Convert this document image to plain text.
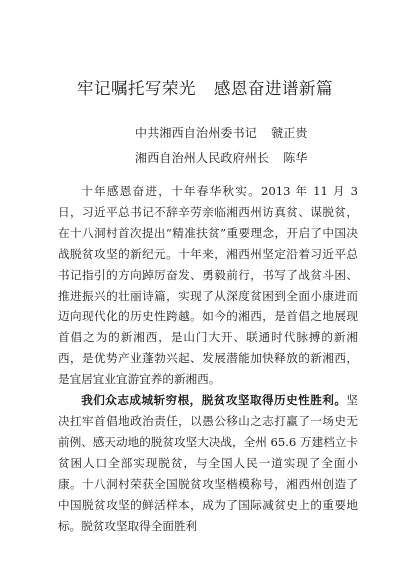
牢记嘱托写荣光 感恩奋进谱新篇
中共湘西自治州委书记 虢正贵
湘西自治州人民政府州长 陈华

十年感恩奋进，十年春华秋实。2013 年 11 月 3 日，习近平总书记不辞辛劳亲临湘西州访真贫、谋脱贫，在十八洞村首次提出“精准扶贫”重要理念，开启了中国决战脱贫攻坚的新纪元。十年来，湘西州坚定沿着习近平总书记指引的方向踔厉奋发、勇毅前行，书写了战贫斗困、推进振兴的壮丽诗篇，实现了从深度贫困到全面小康进而迈向现代化的历史性跨越。如今的湘西，是首倡之地展现首倡之为的新湘西，是山门大开、联通时代脉搏的新湘西，是优势产业蓬勃兴起、发展潜能加快释放的新湘西，是宜居宜业宜游宜养的新湘西。

我们众志成城斩穷根，脱贫攻坚取得历史性胜利。坚决扛牢首倡地政治责任，以愚公移山之志打赢了一场史无前例、感天动地的脱贫攻坚大决战，全州 65.6 万建档立卡贫困人口全部实现脱贫，与全国人民一道实现了全面小康。十八洞村荣获全国脱贫攻坚楷模称号，湘西州创造了中国脱贫攻坚的鲜活样本，成为了国际减贫史上的重要地标。脱贫攻坚取得全面胜利
